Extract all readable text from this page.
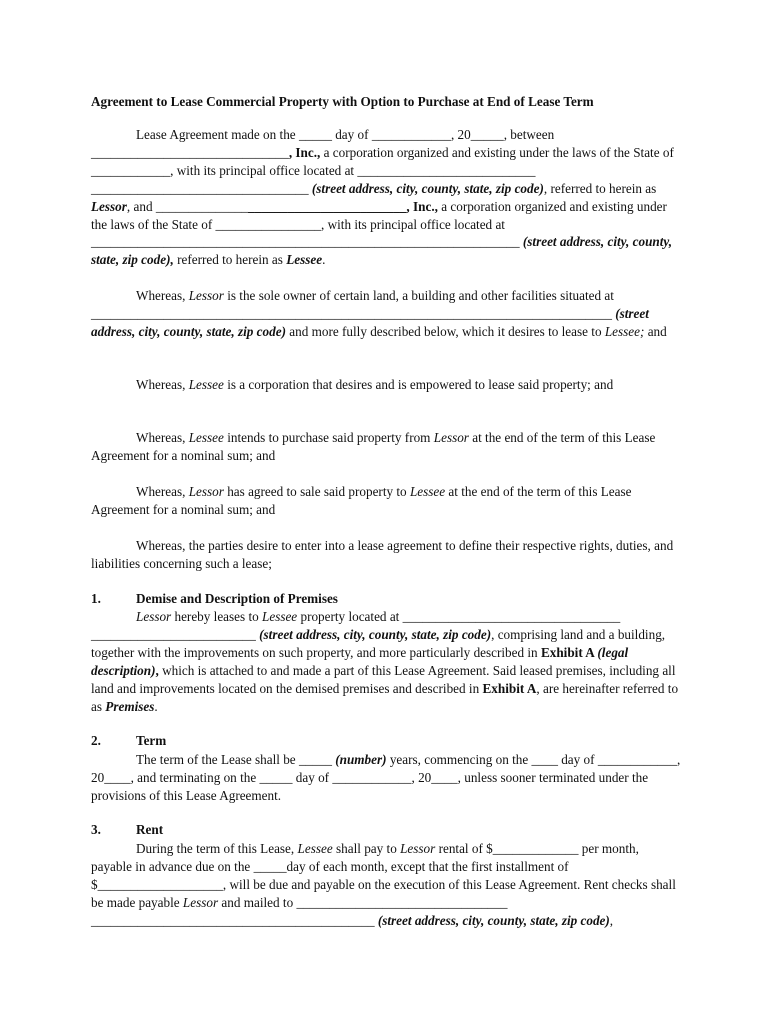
Agreement to Lease Commercial Property with Option to Purchase at End of Lease Term
Lease Agreement made on the _____ day of ____________, 20_____, between ______________________________, Inc., a corporation organized and existing under the laws of the State of ____________, with its principal office located at ___________________________ _________________________________ (street address, city, county, state, zip code), referred to herein as Lessor, and ______________________________________, Inc., a corporation organized and existing under the laws of the State of ________________, with its principal office located at _________________________________________________________________ (street address, city, county, state, zip code), referred to herein as Lessee.
Whereas, Lessor is the sole owner of certain land, a building and other facilities situated at _______________________________________________________________________________ (street address, city, county, state, zip code) and more fully described below, which it desires to lease to Lessee; and
Whereas, Lessee is a corporation that desires and is empowered to lease said property; and
Whereas, Lessee intends to purchase said property from Lessor at the end of the term of this Lease Agreement for a nominal sum; and
Whereas, Lessor has agreed to sale said property to Lessee at the end of the term of this Lease Agreement for a nominal sum; and
Whereas, the parties desire to enter into a lease agreement to define their respective rights, duties, and liabilities concerning such a lease;
1.	Demise and Description of Premises
Lessor hereby leases to Lessee property located at _________________________________ _________________________ (street address, city, county, state, zip code), comprising land and a building, together with the improvements on such property, and more particularly described in Exhibit A (legal description), which is attached to and made a part of this Lease Agreement. Said leased premises, including all land and improvements located on the demised premises and described in Exhibit A, are hereinafter referred to as Premises.
2.	Term
The term of the Lease shall be _____ (number) years, commencing on the ____ day of ____________, 20____, and terminating on the _____ day of ____________, 20____, unless sooner terminated under the provisions of this Lease Agreement.
3.	Rent
During the term of this Lease, Lessee shall pay to Lessor rental of $_____________ per month, payable in advance due on the _____day of each month, except that the first installment of $___________________, will be due and payable on the execution of this Lease Agreement. Rent checks shall be made payable Lessor and mailed to ________________________________ ___________________________________________ (street address, city, county, state, zip code),
